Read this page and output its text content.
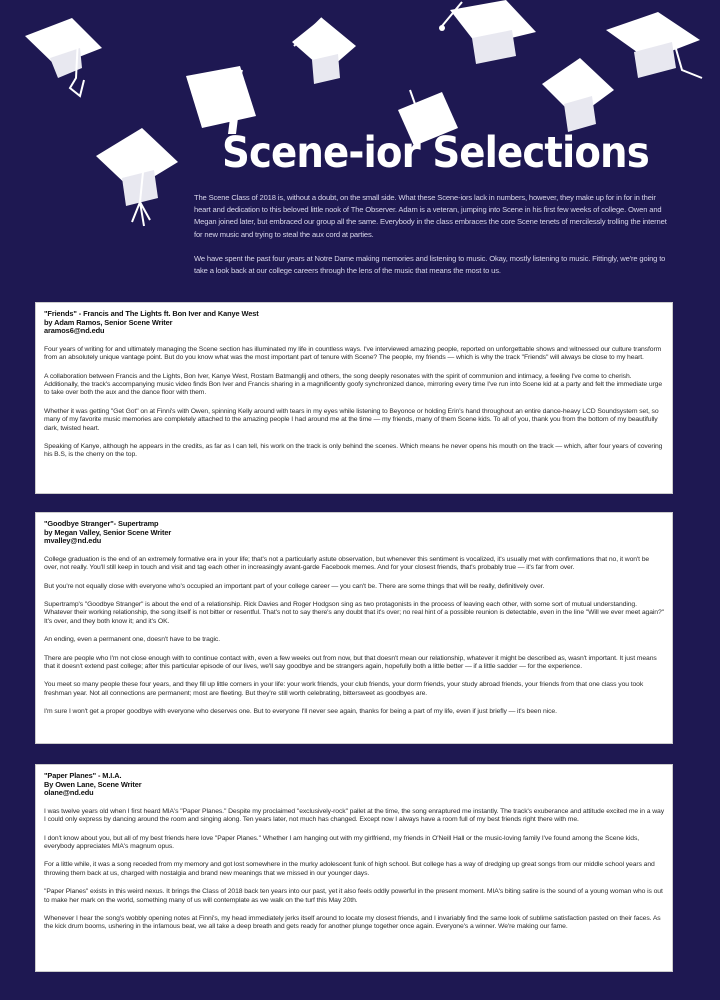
Scene-ior Selections

The Scene Class of 2018 is, without a doubt, on the small side. What these Scene-iors lack in numbers, however, they make up for in for in their heart and dedication to this beloved little nook of The Observer. Adam is a veteran, jumping into Scene in his first few weeks of college. Owen and Megan joined later, but embraced our group all the same. Everybody in the class embraces the core Scene tenets of mercilessly trolling the internet for new music and trying to steal the aux cord at parties.

We have spent the past four years at Notre Dame making memories and listening to music. Okay, mostly listening to music. Fittingly, we're going to take a look back at our college careers through the lens of the music that means the most to us.

"Friends" - Francis and The Lights ft. Bon Iver and Kanye West
by Adam Ramos, Senior Scene Writer
aramos6@nd.edu

Four years of writing for and ultimately managing the Scene section has illuminated my life in countless ways. I've interviewed amazing people, reported on unforgettable shows and witnessed our culture transform from an absolutely unique vantage point. But do you know what was the most important part of tenure with Scene? The people, my friends — which is why the track "Friends" will always be close to my heart.

A collaboration between Francis and the Lights, Bon Iver, Kanye West, Rostam Batmanglij and others, the song deeply resonates with the spirit of communion and intimacy, a feeling I've come to cherish. Additionally, the track's accompanying music video finds Bon Iver and Francis sharing in a magnificently goofy synchronized dance, mirroring every time I've run into Scene kid at a party and felt the immediate urge to take over both the aux and the dance floor with them.

Whether it was getting "Get Got" on at Finni's with Owen, spinning Kelly around with tears in my eyes while listening to Beyonce or holding Erin's hand throughout an entire dance-heavy LCD Soundsystem set, so many of my favorite music memories are completely attached to the amazing people I had around me at the time — my friends, many of them Scene kids. To all of you, thank you from the bottom of my beautifully dark, twisted heart.

Speaking of Kanye, although he appears in the credits, as far as I can tell, his work on the track is only behind the scenes. Which means he never opens his mouth on the track — which, after four years of covering his B.S, is the cherry on the top.

"Goodbye Stranger"- Supertramp
by Megan Valley, Senior Scene Writer
mvalley@nd.edu

College graduation is the end of an extremely formative era in your life; that's not a particularly astute observation, but whenever this sentiment is vocalized, it's usually met with confirmations that no, it won't be over, not really. You'll still keep in touch and visit and tag each other in increasingly avant-garde Facebook memes. And for your closest friends, that's probably true — it's far from over.

But you're not equally close with everyone who's occupied an important part of your college career — you can't be. There are some things that will be really, definitively over.

Supertramp's "Goodbye Stranger" is about the end of a relationship. Rick Davies and Roger Hodgson sing as two protagonists in the process of leaving each other, with some sort of mutual understanding. Whatever their working relationship, the song itself is not bitter or resentful. That's not to say there's any doubt that it's over; no real hint of a possible reunion is detectable, even in the line "Will we ever meet again?" It's over, and they both know it; and it's OK.

An ending, even a permanent one, doesn't have to be tragic.

There are people who I'm not close enough with to continue contact with, even a few weeks out from now, but that doesn't mean our relationship, whatever it might be described as, wasn't important. It just means that it doesn't extend past college; after this particular episode of our lives, we'll say goodbye and be strangers again, hopefully both a little better — if a little sadder — for the experience.

You meet so many people these four years, and they fill up little corners in your life: your work friends, your club friends, your dorm friends, your study abroad friends, your friends from that one class you took freshman year. Not all connections are permanent; most are fleeting. But they're still worth celebrating, bittersweet as goodbyes are.

I'm sure I won't get a proper goodbye with everyone who deserves one. But to everyone I'll never see again, thanks for being a part of my life, even if just briefly — it's been nice.

"Paper Planes" - M.I.A.
By Owen Lane, Scene Writer
olane@nd.edu

I was twelve years old when I first heard MIA's "Paper Planes." Despite my proclaimed "exclusively-rock" pallet at the time, the song enraptured me instantly. The track's exuberance and attitude excited me in a way I could only express by dancing around the room and singing along. Ten years later, not much has changed. Except now I always have a room full of my best friends right there with me.

I don't know about you, but all of my best friends here love "Paper Planes." Whether I am hanging out with my girlfriend, my friends in O'Neill Hall or the music-loving family I've found among the Scene kids, everybody appreciates MIA's magnum opus.

For a little while, it was a song receded from my memory and got lost somewhere in the murky adolescent funk of high school. But college has a way of dredging up great songs from our middle school years and throwing them back at us, charged with nostalgia and brand new meanings that we missed in our younger days.

"Paper Planes" exists in this weird nexus. It brings the Class of 2018 back ten years into our past, yet it also feels oddly powerful in the present moment. MIA's biting satire is the sound of a young woman who is out to make her mark on the world, something many of us will contemplate as we walk on the turf this May 20th.

Whenever I hear the song's wobbly opening notes at Finni's, my head immediately jerks itself around to locate my closest friends, and I invariably find the same look of sublime satisfaction pasted on their faces. As the kick drum booms, ushering in the infamous beat, we all take a deep breath and gets ready for another plunge together once again. Everyone's a winner. We're making our fame.
